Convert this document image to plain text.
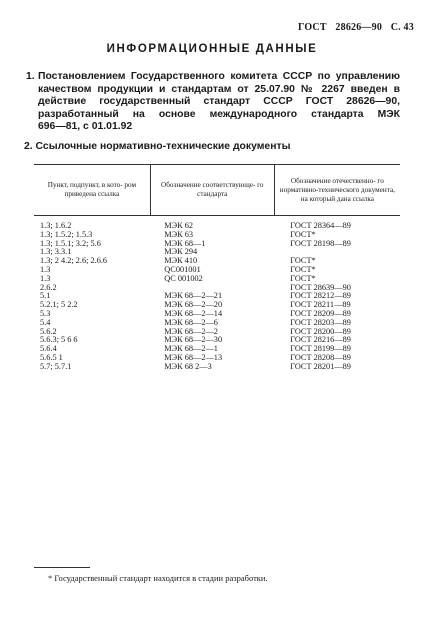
ГОСТ 28626—90 С. 43
ИНФОРМАЦИОННЫЕ ДАННЫЕ
1. Постановлением Государственного комитета СССР по управлению
качеством продукции и стандартам от 25.07.90 № 2267 введен в
действие государственный стандарт СССР ГОСТ 28626—90,
разработанный на основе международного стандарта МЭК
696—81, с 01.01.92
2. Ссылочные нормативно-технические документы
Пункт, подпункт, в кото- ром приведена ссылка	Обозначение соответствующе- го стандарта	Обозначение отечественно- го нормативно-технического документа, на который дана ссылка
1.3; 1.6.2	МЭК 62	ГОСТ 28364—89
1.3; 1.5.2; 1.5.3	МЭК 63	ГОСТ*
1.3; 1.5.1; 3.2; 5.6	МЭК 68—1	ГОСТ 28198—89
1.3; 3.3.1	МЭК 294	
1.3; 2 4.2; 2.6; 2.6.6	МЭК 410	ГОСТ*
1.3	QC001001	ГОСТ*
1.3	QC 001002	ГОСТ*
2.6.2		ГОСТ 28639—90
5.1	МЭК 68—2—21	ГОСТ 28212—89
5.2.1; 5 2.2	МЭК 68—2—20	ГОСТ 28211—89
5.3	МЭК 68—2—14	ГОСТ 28209—89
5.4	МЭК 68—2—6	ГОСТ 28203—89
5.6.2	МЭК 68—2—2	ГОСТ 28200—89
5.6.3; 5 6 6	МЭК 68—2—30	ГОСТ 28216—89
5.6.4	МЭК 68—2—1	ГОСТ 28199—89
5.6.5 1	МЭК 68—2—13	ГОСТ 28208—89
5.7; 5.7.1	МЭК 68 2—3	ГОСТ 28201—89
* Государственный стандарт находится в стадии разработки.
